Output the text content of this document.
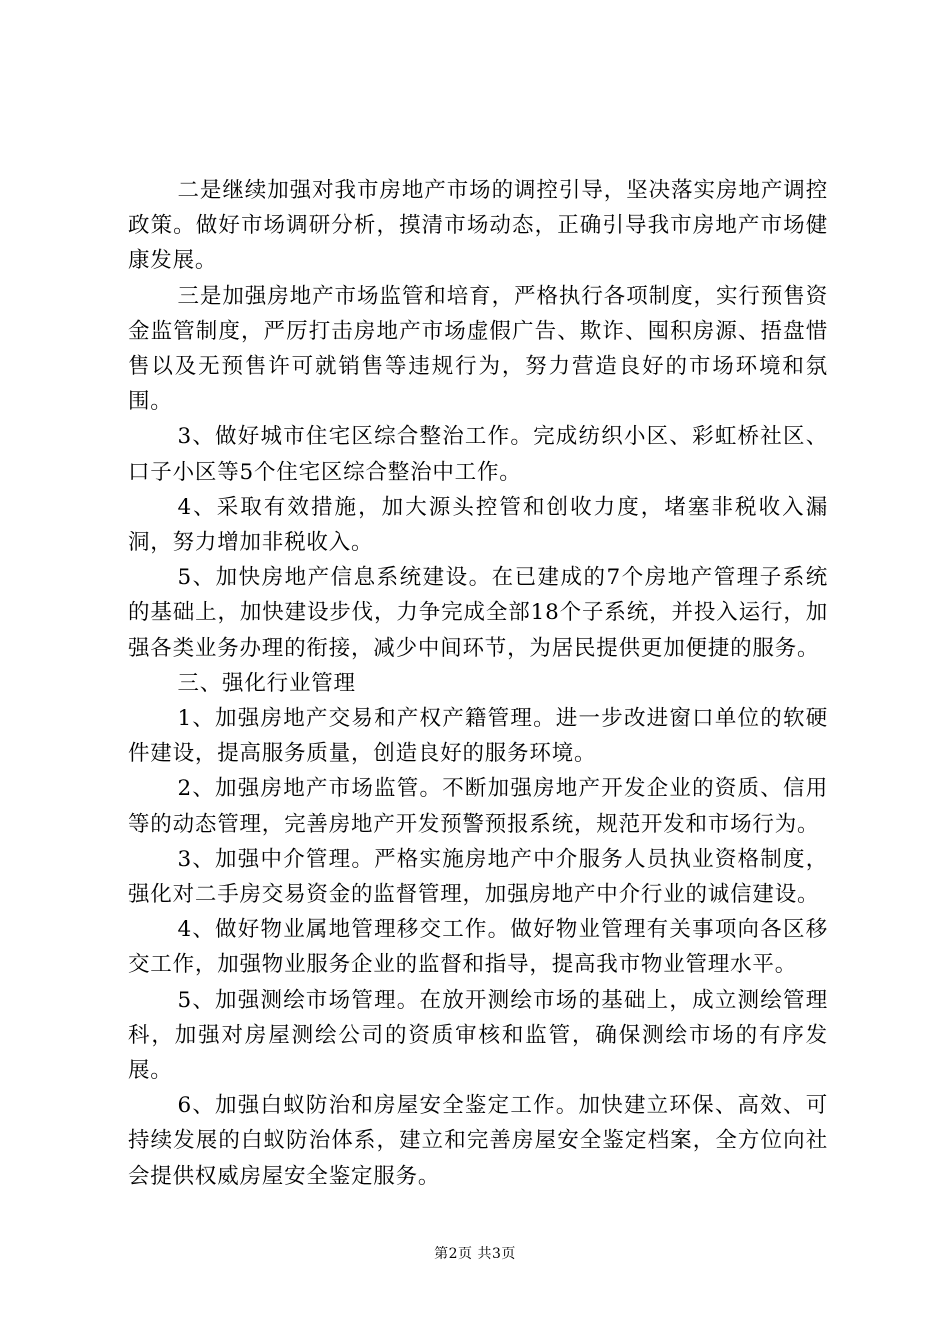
二是继续加强对我市房地产市场的调控引导，坚决落实房地产调控政策。做好市场调研分析，摸清市场动态，正确引导我市房地产市场健康发展。

三是加强房地产市场监管和培育，严格执行各项制度，实行预售资金监管制度，严厉打击房地产市场虚假广告、欺诈、囤积房源、捂盘惜售以及无预售许可就销售等违规行为，努力营造良好的市场环境和氛围。

3、做好城市住宅区综合整治工作。完成纺织小区、彩虹桥社区、口子小区等5个住宅区综合整治中工作。

4、采取有效措施，加大源头控管和创收力度，堵塞非税收入漏洞，努力增加非税收入。

5、加快房地产信息系统建设。在已建成的7个房地产管理子系统的基础上，加快建设步伐，力争完成全部18个子系统，并投入运行，加强各类业务办理的衔接，减少中间环节，为居民提供更加便捷的服务。

三、强化行业管理

1、加强房地产交易和产权产籍管理。进一步改进窗口单位的软硬件建设，提高服务质量，创造良好的服务环境。

2、加强房地产市场监管。不断加强房地产开发企业的资质、信用等的动态管理，完善房地产开发预警预报系统，规范开发和市场行为。

3、加强中介管理。严格实施房地产中介服务人员执业资格制度，强化对二手房交易资金的监督管理，加强房地产中介行业的诚信建设。

4、做好物业属地管理移交工作。做好物业管理有关事项向各区移交工作，加强物业服务企业的监督和指导，提高我市物业管理水平。

5、加强测绘市场管理。在放开测绘市场的基础上，成立测绘管理科，加强对房屋测绘公司的资质审核和监管，确保测绘市场的有序发展。

6、加强白蚁防治和房屋安全鉴定工作。加快建立环保、高效、可持续发展的白蚁防治体系，建立和完善房屋安全鉴定档案，全方位向社会提供权威房屋安全鉴定服务。

第2页 共3页
